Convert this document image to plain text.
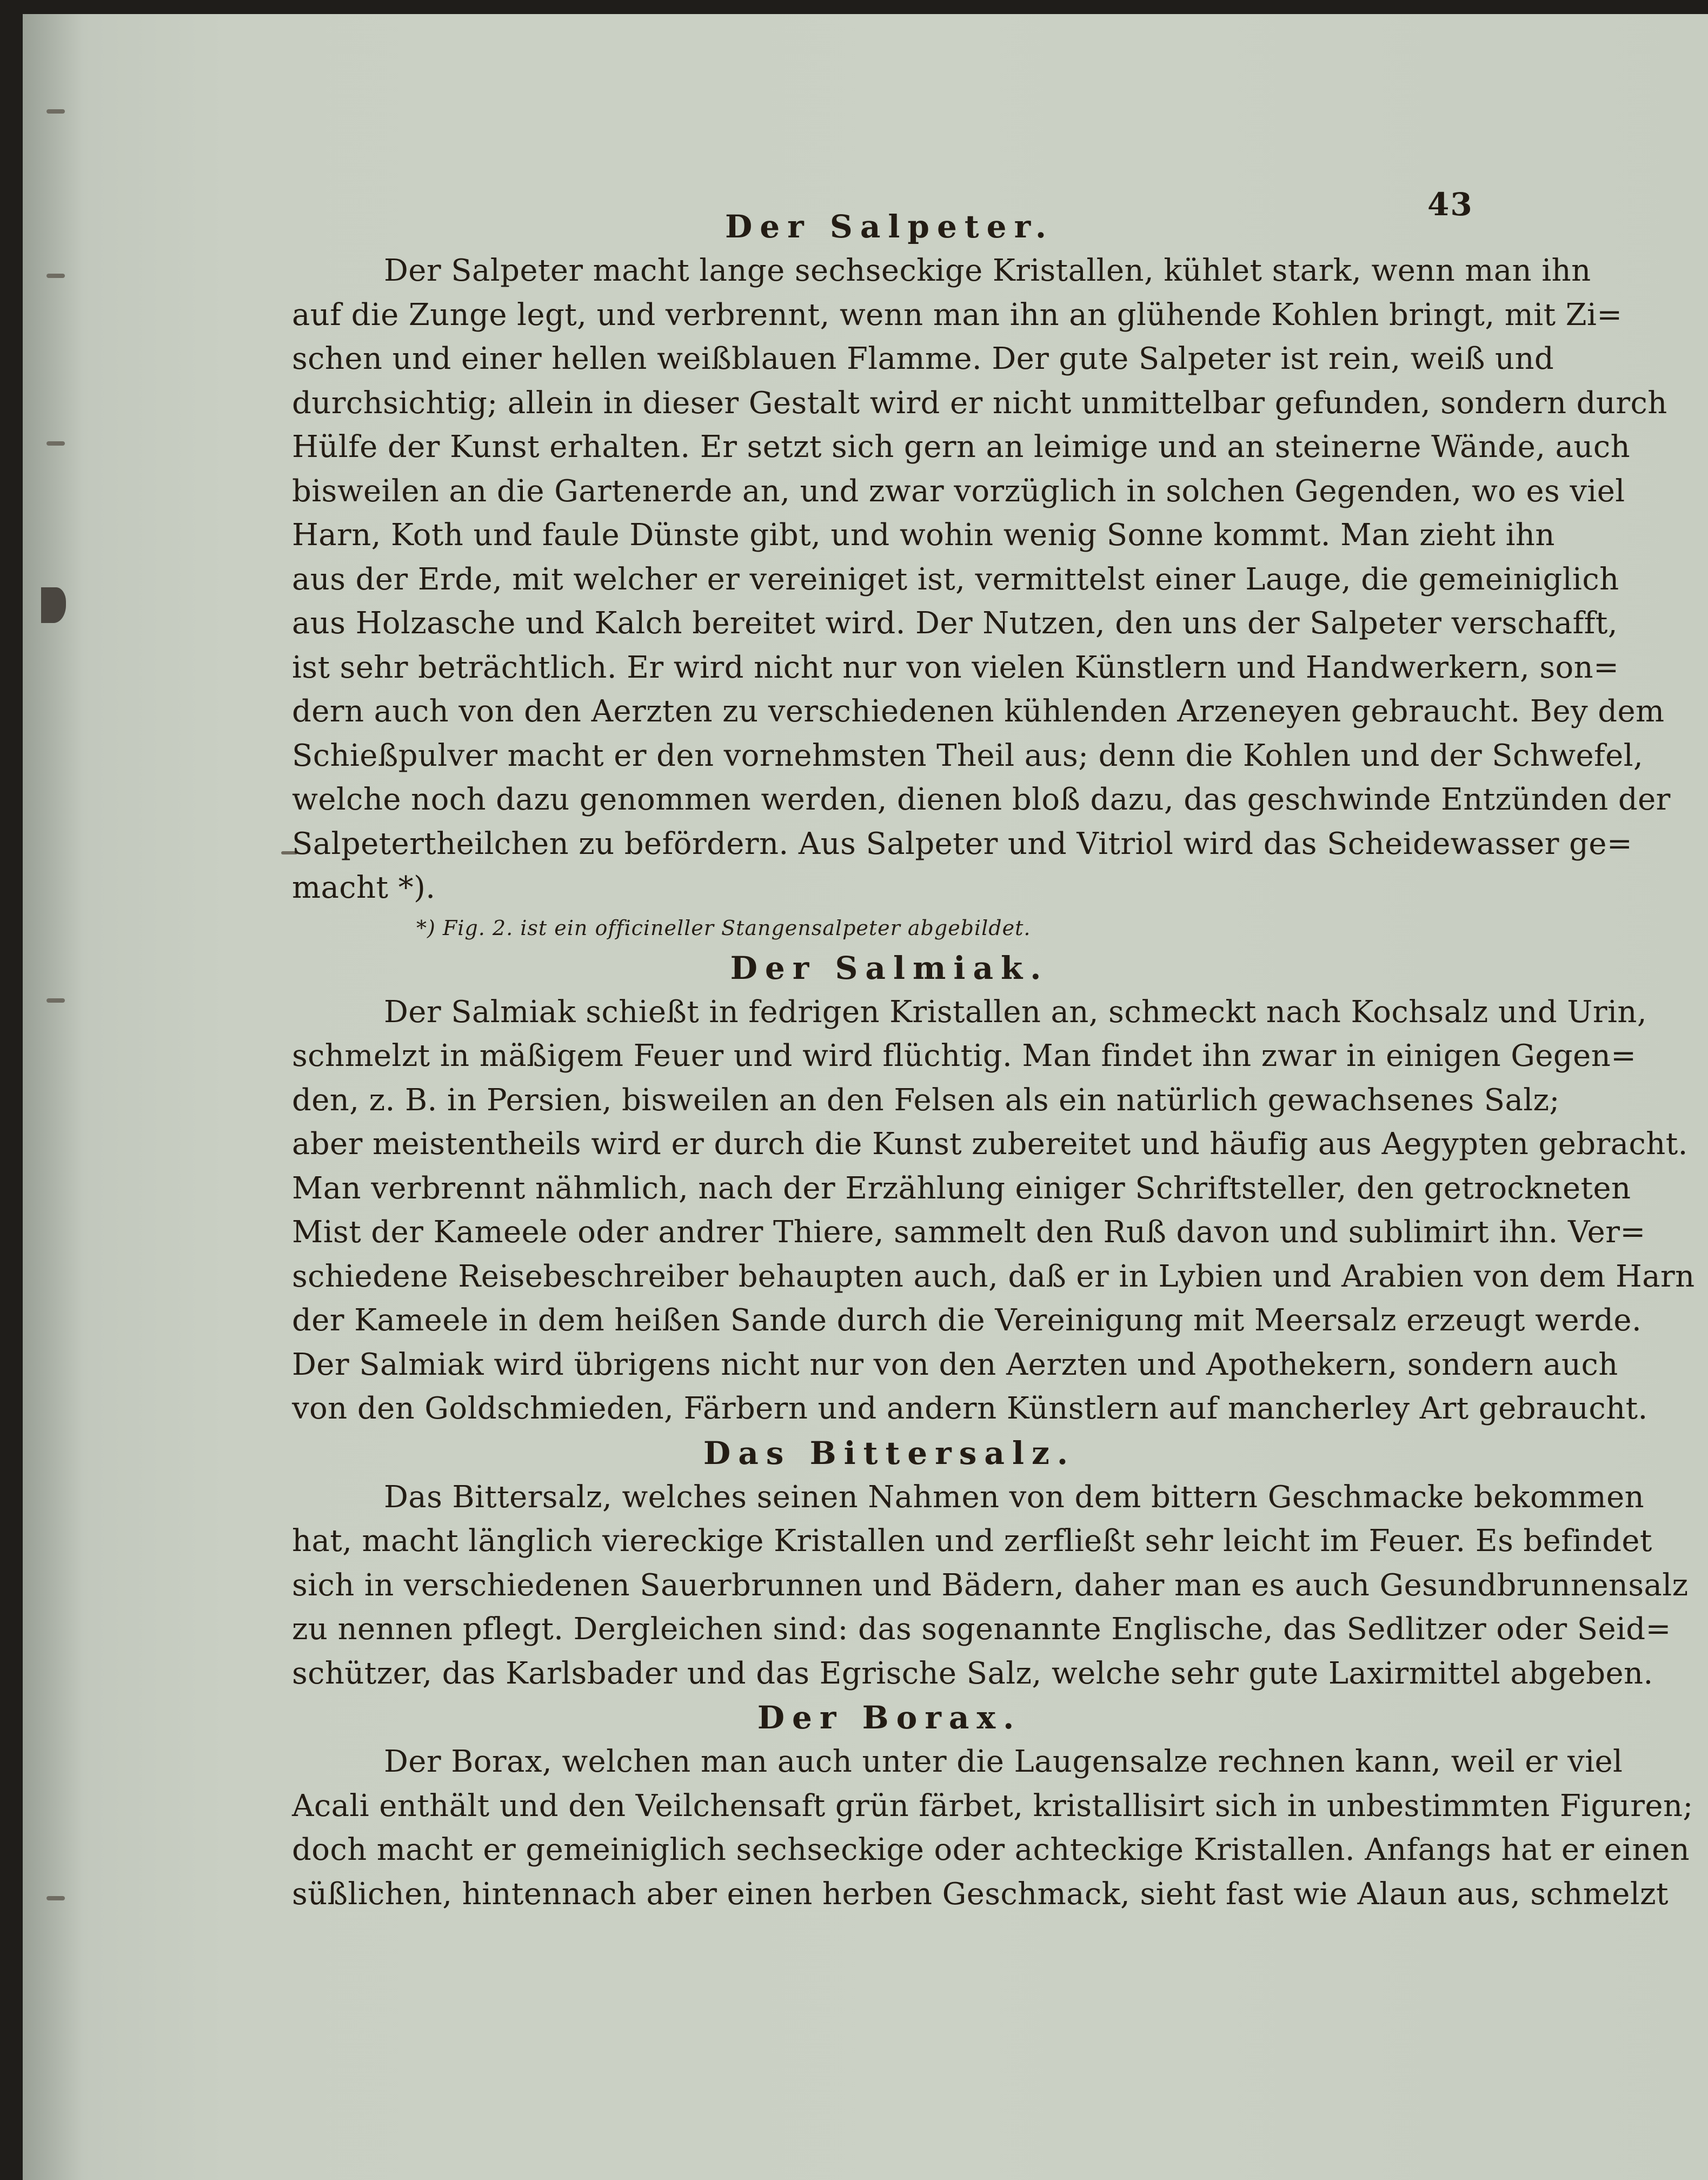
43
Der Salpeter.
Der Salpeter macht lange sechseckige Kristallen, kühlet stark, wenn man ihn
auf die Zunge legt, und verbrennt, wenn man ihn an glühende Kohlen bringt, mit Zi=
schen und einer hellen weißblauen Flamme. Der gute Salpeter ist rein, weiß und
durchsichtig; allein in dieser Gestalt wird er nicht unmittelbar gefunden, sondern durch
Hülfe der Kunst erhalten. Er setzt sich gern an leimige und an steinerne Wände, auch
bisweilen an die Gartenerde an, und zwar vorzüglich in solchen Gegenden, wo es viel
Harn, Koth und faule Dünste gibt, und wohin wenig Sonne kommt. Man zieht ihn
aus der Erde, mit welcher er vereiniget ist, vermittelst einer Lauge, die gemeiniglich
aus Holzasche und Kalch bereitet wird. Der Nutzen, den uns der Salpeter verschafft,
ist sehr beträchtlich. Er wird nicht nur von vielen Künstlern und Handwerkern, son=
dern auch von den Aerzten zu verschiedenen kühlenden Arzeneyen gebraucht. Bey dem
Schießpulver macht er den vornehmsten Theil aus; denn die Kohlen und der Schwefel,
welche noch dazu genommen werden, dienen bloß dazu, das geschwinde Entzünden der
Salpetertheilchen zu befördern. Aus Salpeter und Vitriol wird das Scheidewasser ge=
macht *).
*) Fig. 2. ist ein officineller Stangensalpeter abgebildet.
Der Salmiak.
Der Salmiak schießt in fedrigen Kristallen an, schmeckt nach Kochsalz und Urin,
schmelzt in mäßigem Feuer und wird flüchtig. Man findet ihn zwar in einigen Gegen=
den, z. B. in Persien, bisweilen an den Felsen als ein natürlich gewachsenes Salz;
aber meistentheils wird er durch die Kunst zubereitet und häufig aus Aegypten gebracht.
Man verbrennt nähmlich, nach der Erzählung einiger Schriftsteller, den getrockneten
Mist der Kameele oder andrer Thiere, sammelt den Ruß davon und sublimirt ihn. Ver=
schiedene Reisebeschreiber behaupten auch, daß er in Lybien und Arabien von dem Harn
der Kameele in dem heißen Sande durch die Vereinigung mit Meersalz erzeugt werde.
Der Salmiak wird übrigens nicht nur von den Aerzten und Apothekern, sondern auch
von den Goldschmieden, Färbern und andern Künstlern auf mancherley Art gebraucht.
Das Bittersalz.
Das Bittersalz, welches seinen Nahmen von dem bittern Geschmacke bekommen
hat, macht länglich viereckige Kristallen und zerfließt sehr leicht im Feuer. Es befindet
sich in verschiedenen Sauerbrunnen und Bädern, daher man es auch Gesundbrunnensalz
zu nennen pflegt. Dergleichen sind: das sogenannte Englische, das Sedlitzer oder Seid=
schützer, das Karlsbader und das Egrische Salz, welche sehr gute Laxirmittel abgeben.
Der Borax.
Der Borax, welchen man auch unter die Laugensalze rechnen kann, weil er viel
Acali enthält und den Veilchensaft grün färbet, kristallisirt sich in unbestimmten Figuren;
doch macht er gemeiniglich sechseckige oder achteckige Kristallen. Anfangs hat er einen
süßlichen, hintennach aber einen herben Geschmack, sieht fast wie Alaun aus, schmelzt
